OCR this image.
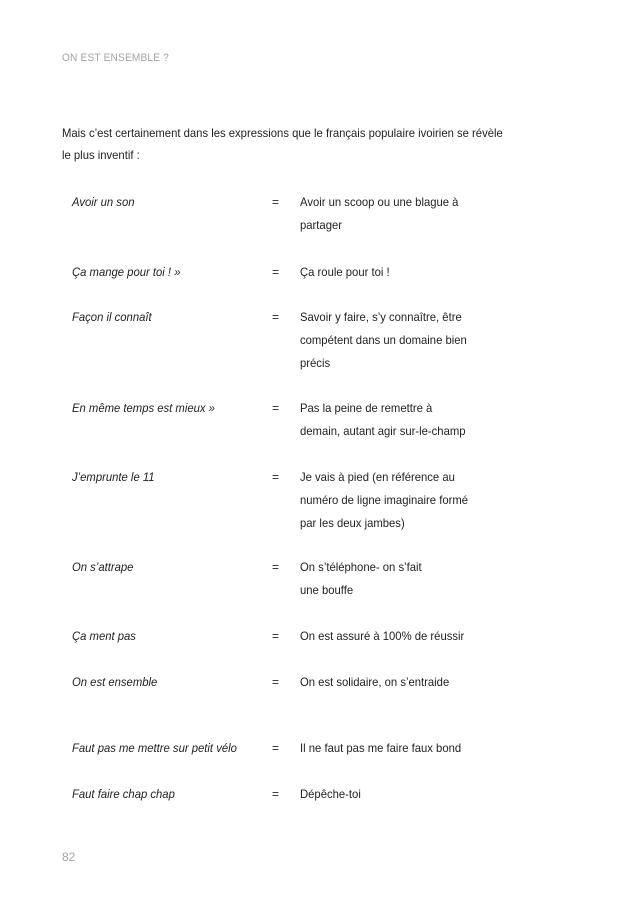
ON EST ENSEMBLE ?
Mais c’est certainement dans les expressions que le français populaire ivoirien se révèle le plus inventif :
Avoir un son	= Avoir un scoop ou une blague à
partager
Ça mange pour toi ! »	= Ça roule pour toi !
Façon il connaît	= Savoir y faire, s’y connaître, être
compétent dans un domaine bien
précis
En même temps est mieux »	= Pas la peine de remettre à
demain, autant agir sur-le-champ
J’emprunte le 11	= Je vais à pied (en référence au
numéro de ligne imaginaire formé
par les deux jambes)
On s’attrape	= On s’téléphone- on s’fait
une bouffe
Ça ment pas	= On est assuré à 100% de réussir
On est ensemble	= On est solidaire, on s’entraide
Faut pas me mettre sur petit vélo	= Il ne faut pas me faire faux bond
Faut faire chap chap	= Dépêche-toi
82
